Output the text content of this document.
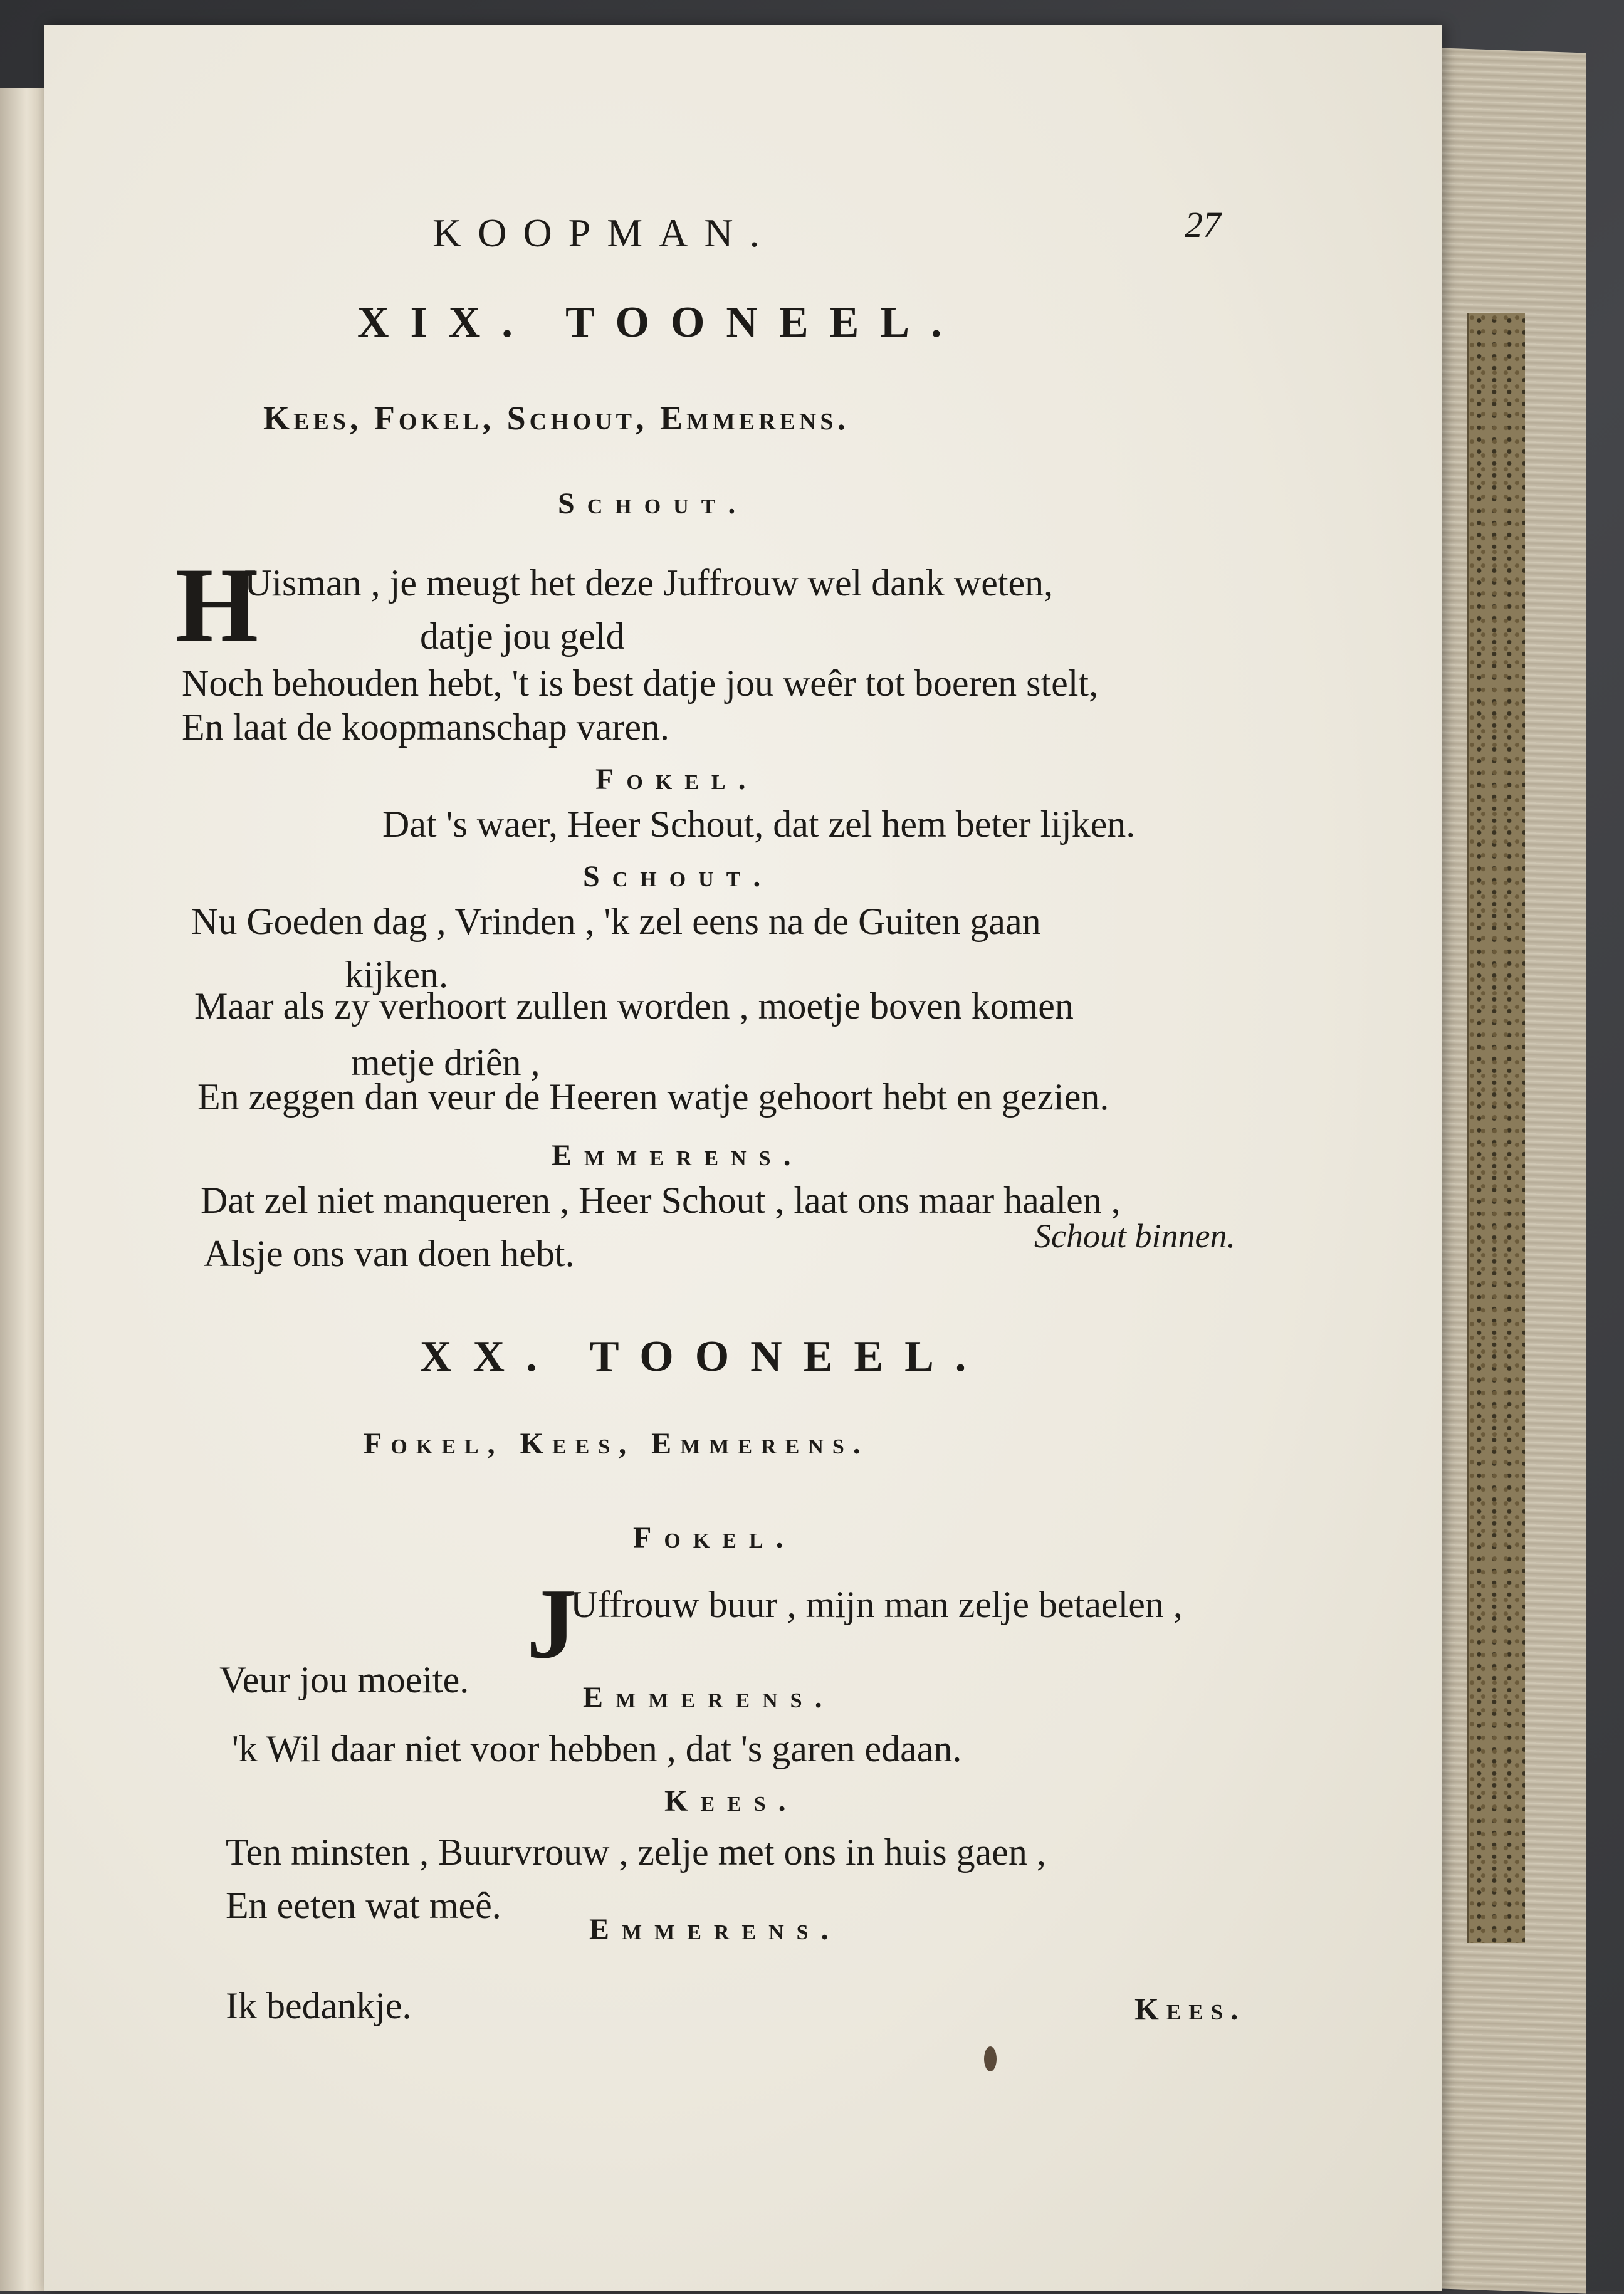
KOOPMAN.	27
XIX. TOONEEL.
Kees, Fokel, Schout, Emmerens.
Schout.
H
Uisman , je meugt het deze Juffrouw wel dank weten,
datje jou geld
Noch behouden hebt, 't is best datje jou weêr tot boeren stelt,
En laat de koopmanschap varen.
Fokel.
Dat 's waer, Heer Schout, dat zel hem beter lijken.
Schout.
Nu Goeden dag , Vrinden , 'k zel eens na de Guiten gaan
kijken.
Maar als zy verhoort zullen worden , moetje boven komen
metje driên ,
En zeggen dan veur de Heeren watje gehoort hebt en gezien.
Emmerens.
Dat zel niet manqueren , Heer Schout , laat ons maar haalen ,
Schout binnen.
Alsje ons van doen hebt.
XX. TOONEEL.
Fokel, Kees, Emmerens.
Fokel.
J
Uffrouw buur , mijn man zelje betaelen ,
Veur jou moeite.	Emmerens.
'k Wil daar niet voor hebben , dat 's garen edaan.
Kees.
Ten minsten , Buurvrouw , zelje met ons in huis gaen ,
En eeten wat meê.
Emmerens.
Ik bedankje.	Kees.
